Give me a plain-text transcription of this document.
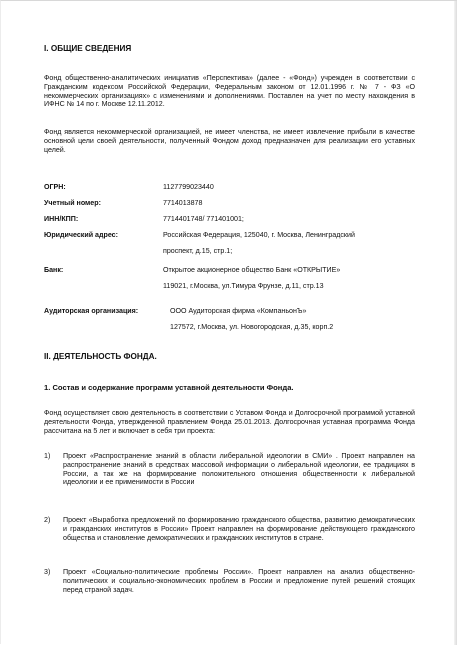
I. ОБЩИЕ СВЕДЕНИЯ
Фонд общественно-аналитических инициатив «Перспектива» (далее - «Фонд») учрежден в соответствии с Гражданским кодексом Российской Федерации, Федеральным законом от 12.01.1996 г. № 7 - ФЗ «О некоммерческих организациях» с изменениями и дополнениями. Поставлен на учет по месту нахождения в ИФНС № 14 по г. Москве 12.11.2012.
Фонд является некоммерческой организацией, не имеет членства, не имеет извлечение прибыли в качестве основной цели своей деятельности, полученный Фондом доход предназначен для реализации его уставных целей.
ОГРН:	1127799023440
Учетный номер:	7714013878
ИНН/КПП:	7714401748/ 771401001;
Юридический адрес:	Российская Федерация, 125040, г. Москва, Ленинградский
проспект, д.15, стр.1;
Банк:	Открытое акционерное общество Банк «ОТКРЫТИЕ»
119021, г.Москва, ул.Тимура Фрунзе, д.11, стр.13
Аудиторская организация:	ООО Аудиторская фирма «КомпаньонЪ»
127572, г.Москва, ул. Новогородская, д.35, корп.2
II. ДЕЯТЕЛЬНОСТЬ ФОНДА.
1. Состав и содержание программ уставной деятельности Фонда.
Фонд осуществляет свою деятельность в соответствии с Уставом Фонда и Долгосрочной программой уставной деятельности Фонда, утвержденной правлением Фонда 25.01.2013. Долгосрочная уставная программа Фонда рассчитана на 5 лет и включает в себя три проекта:
1) Проект «Распространение знаний в области либеральной идеологии в СМИ» . Проект направлен на распространение знаний в средствах массовой информации о либеральной идеологии, ее традициях в России, а так же на формирование положительного отношения общественности к либеральной идеологии и ее применимости в России
2) Проект «Выработка предложений по формированию гражданского общества, развитию демократических и гражданских институтов в России» Проект направлен на формирование действующего гражданского общества и становление демократических и гражданских институтов в стране.
3) Проект «Социально-политические проблемы России». Проект направлен на анализ общественно-политических и социально-экономических проблем в России и предложение путей решений стоящих перед страной задач.
